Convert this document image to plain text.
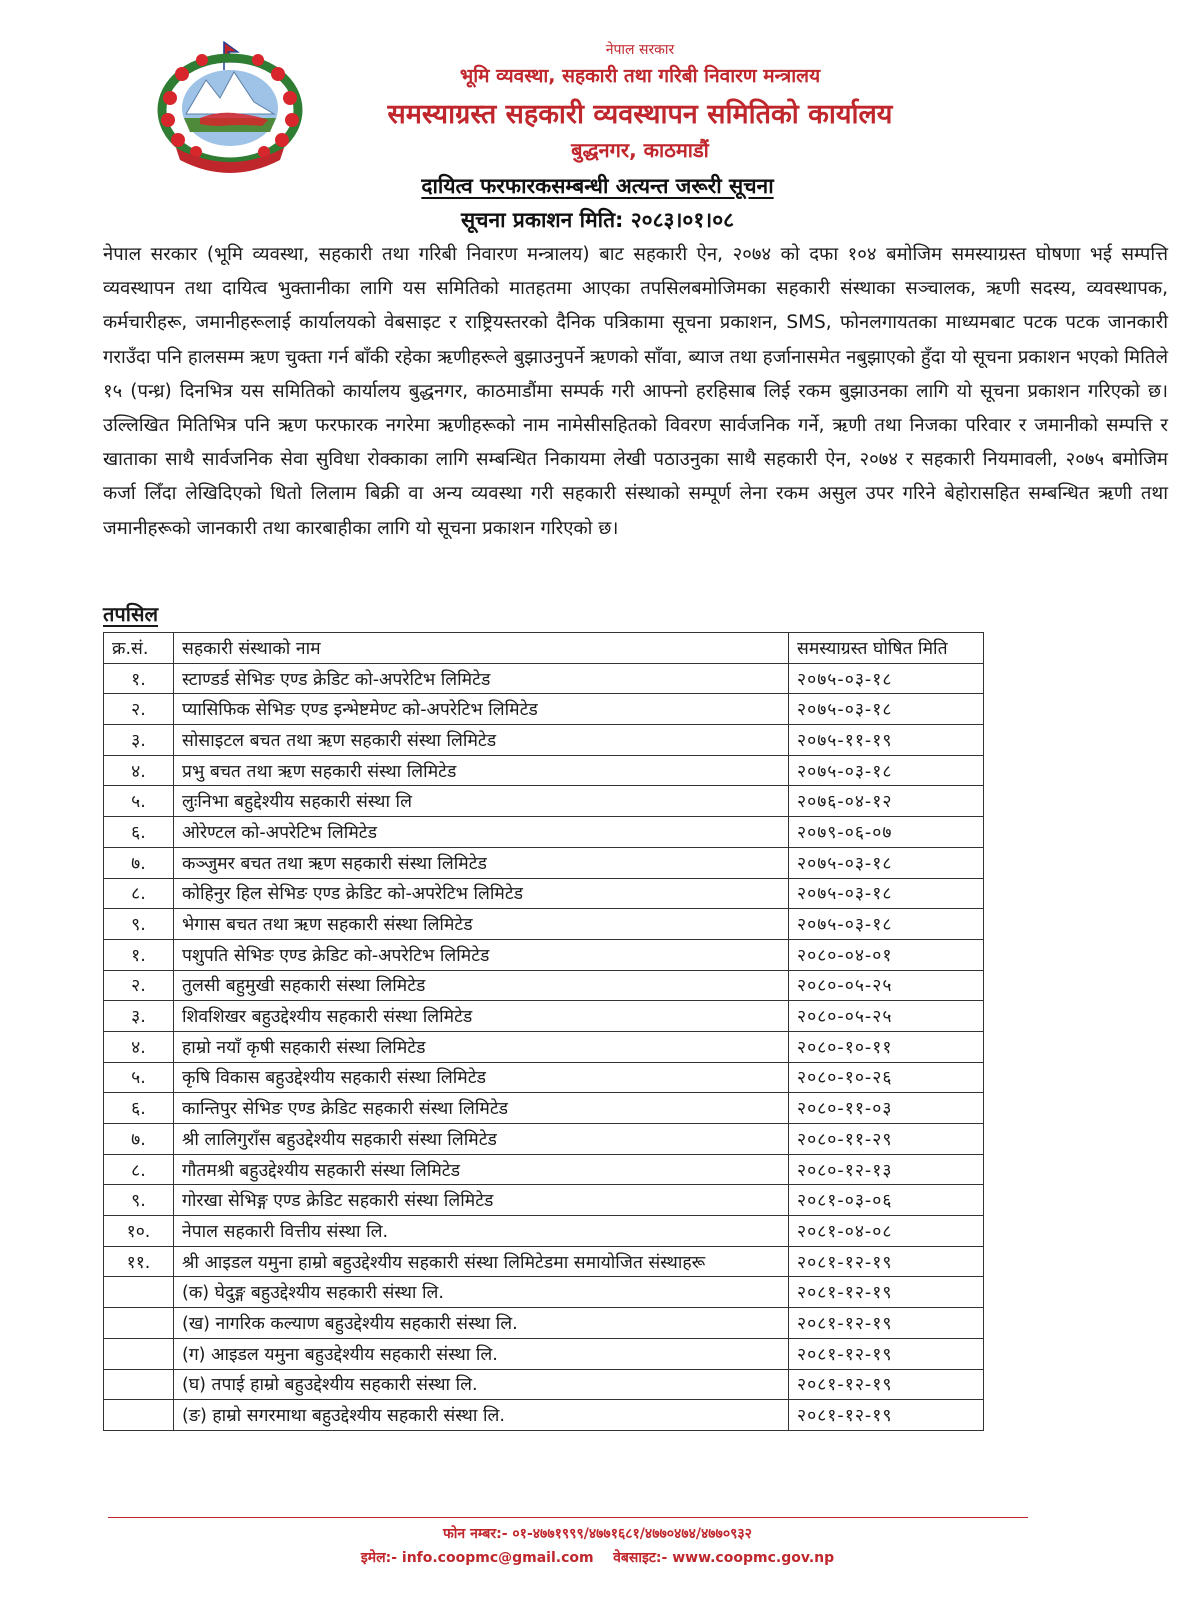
नेपाल सरकार
भूमि व्यवस्था, सहकारी तथा गरिबी निवारण मन्त्रालय
समस्याग्रस्त सहकारी व्यवस्थापन समितिको कार्यालय
बुद्धनगर, काठमाडौं
दायित्व फरफारकसम्बन्धी अत्यन्त जरूरी सूचना
सूचना प्रकाशन मिति: २०८३।०१।०८
नेपाल सरकार (भूमि व्यवस्था, सहकारी तथा गरिबी निवारण मन्त्रालय) बाट सहकारी ऐन, २०७४ को दफा १०४ बमोजिम समस्याग्रस्त घोषणा भई सम्पत्ति व्यवस्थापन तथा दायित्व भुक्तानीका लागि यस समितिको मातहतमा आएका तपसिलबमोजिमका सहकारी संस्थाका सञ्चालक, ऋणी सदस्य, व्यवस्थापक, कर्मचारीहरू, जमानीहरूलाई कार्यालयको वेबसाइट र राष्ट्रियस्तरको दैनिक पत्रिकामा सूचना प्रकाशन, SMS, फोनलगायतका माध्यमबाट पटक पटक जानकारी गराउँदा पनि हालसम्म ऋण चुक्ता गर्न बाँकी रहेका ऋणीहरूले बुझाउनुपर्ने ऋणको साँवा, ब्याज तथा हर्जानासमेत नबुझाएको हुँदा यो सूचना प्रकाशन भएको मितिले १५ (पन्ध्र) दिनभित्र यस समितिको कार्यालय बुद्धनगर, काठमाडौंमा सम्पर्क गरी आफ्नो हरहिसाब लिई रकम बुझाउनका लागि यो सूचना प्रकाशन गरिएको छ। उल्लिखित मितिभित्र पनि ऋण फरफारक नगरेमा ऋणीहरूको नाम नामेसीसहितको विवरण सार्वजनिक गर्ने, ऋणी तथा निजका परिवार र जमानीको सम्पत्ति र खाताका साथै सार्वजनिक सेवा सुविधा रोक्काका लागि सम्बन्धित निकायमा लेखी पठाउनुका साथै सहकारी ऐन, २०७४ र सहकारी नियमावली, २०७५ बमोजिम कर्जा लिँदा लेखिदिएको धितो लिलाम बिक्री वा अन्य व्यवस्था गरी सहकारी संस्थाको सम्पूर्ण लेना रकम असुल उपर गरिने बेहोरासहित सम्बन्धित ऋणी तथा जमानीहरूको जानकारी तथा कारबाहीका लागि यो सूचना प्रकाशन गरिएको छ।
तपसिल
क्र.सं.	सहकारी संस्थाको नाम	समस्याग्रस्त घोषित मिति
१.	स्टाण्डर्ड सेभिङ एण्ड क्रेडिट को-अपरेटिभ लिमिटेड	२०७५-०३-१८
२.	प्यासिफिक सेभिङ एण्ड इन्भेष्टमेण्ट को-अपरेटिभ लिमिटेड	२०७५-०३-१८
३.	सोसाइटल बचत तथा ऋण सहकारी संस्था लिमिटेड	२०७५-११-१९
४.	प्रभु बचत तथा ऋण सहकारी संस्था लिमिटेड	२०७५-०३-१८
५.	लुःनिभा बहुद्देश्यीय सहकारी संस्था लि	२०७६-०४-१२
६.	ओरेण्टल को-अपरेटिभ लिमिटेड	२०७९-०६-०७
७.	कञ्जुमर बचत तथा ऋण सहकारी संस्था लिमिटेड	२०७५-०३-१८
८.	कोहिनुर हिल सेभिङ एण्ड क्रेडिट को-अपरेटिभ लिमिटेड	२०७५-०३-१८
९.	भेगास बचत तथा ऋण सहकारी संस्था लिमिटेड	२०७५-०३-१८
१.	पशुपति सेभिङ एण्ड क्रेडिट को-अपरेटिभ लिमिटेड	२०८०-०४-०१
२.	तुलसी बहुमुखी सहकारी संस्था लिमिटेड	२०८०-०५-२५
३.	शिवशिखर बहुउद्देश्यीय सहकारी संस्था लिमिटेड	२०८०-०५-२५
४.	हाम्रो नयाँ कृषी सहकारी संस्था लिमिटेड	२०८०-१०-११
५.	कृषि विकास बहुउद्देश्यीय सहकारी संस्था लिमिटेड	२०८०-१०-२६
६.	कान्तिपुर सेभिङ एण्ड क्रेडिट सहकारी संस्था लिमिटेड	२०८०-११-०३
७.	श्री लालिगुराँस बहुउद्देश्यीय सहकारी संस्था लिमिटेड	२०८०-११-२९
८.	गौतमश्री बहुउद्देश्यीय सहकारी संस्था लिमिटेड	२०८०-१२-१३
९.	गोरखा सेभिङ्ग एण्ड क्रेडिट सहकारी संस्था लिमिटेड	२०८१-०३-०६
१०.	नेपाल सहकारी वित्तीय संस्था लि.	२०८१-०४-०८
११.	श्री आइडल यमुना हाम्रो बहुउद्देश्यीय सहकारी संस्था लिमिटेडमा समायोजित संस्थाहरू	२०८१-१२-१९
	(क) घेदुङ्ग बहुउद्देश्यीय सहकारी संस्था लि.	२०८१-१२-१९
	(ख) नागरिक कल्याण बहुउद्देश्यीय सहकारी संस्था लि.	२०८१-१२-१९
	(ग) आइडल यमुना बहुउद्देश्यीय सहकारी संस्था लि.	२०८१-१२-१९
	(घ) तपाई हाम्रो बहुउद्देश्यीय सहकारी संस्था लि.	२०८१-१२-१९
	(ङ) हाम्रो सगरमाथा बहुउद्देश्यीय सहकारी संस्था लि.	२०८१-१२-१९
फोन नम्बर:- ०१-४७७१९९९/४७७१६८१/४७७०४७४/४७७०९३२
इमेल:- info.coopmc@gmail.com वेबसाइट:- www.coopmc.gov.np
